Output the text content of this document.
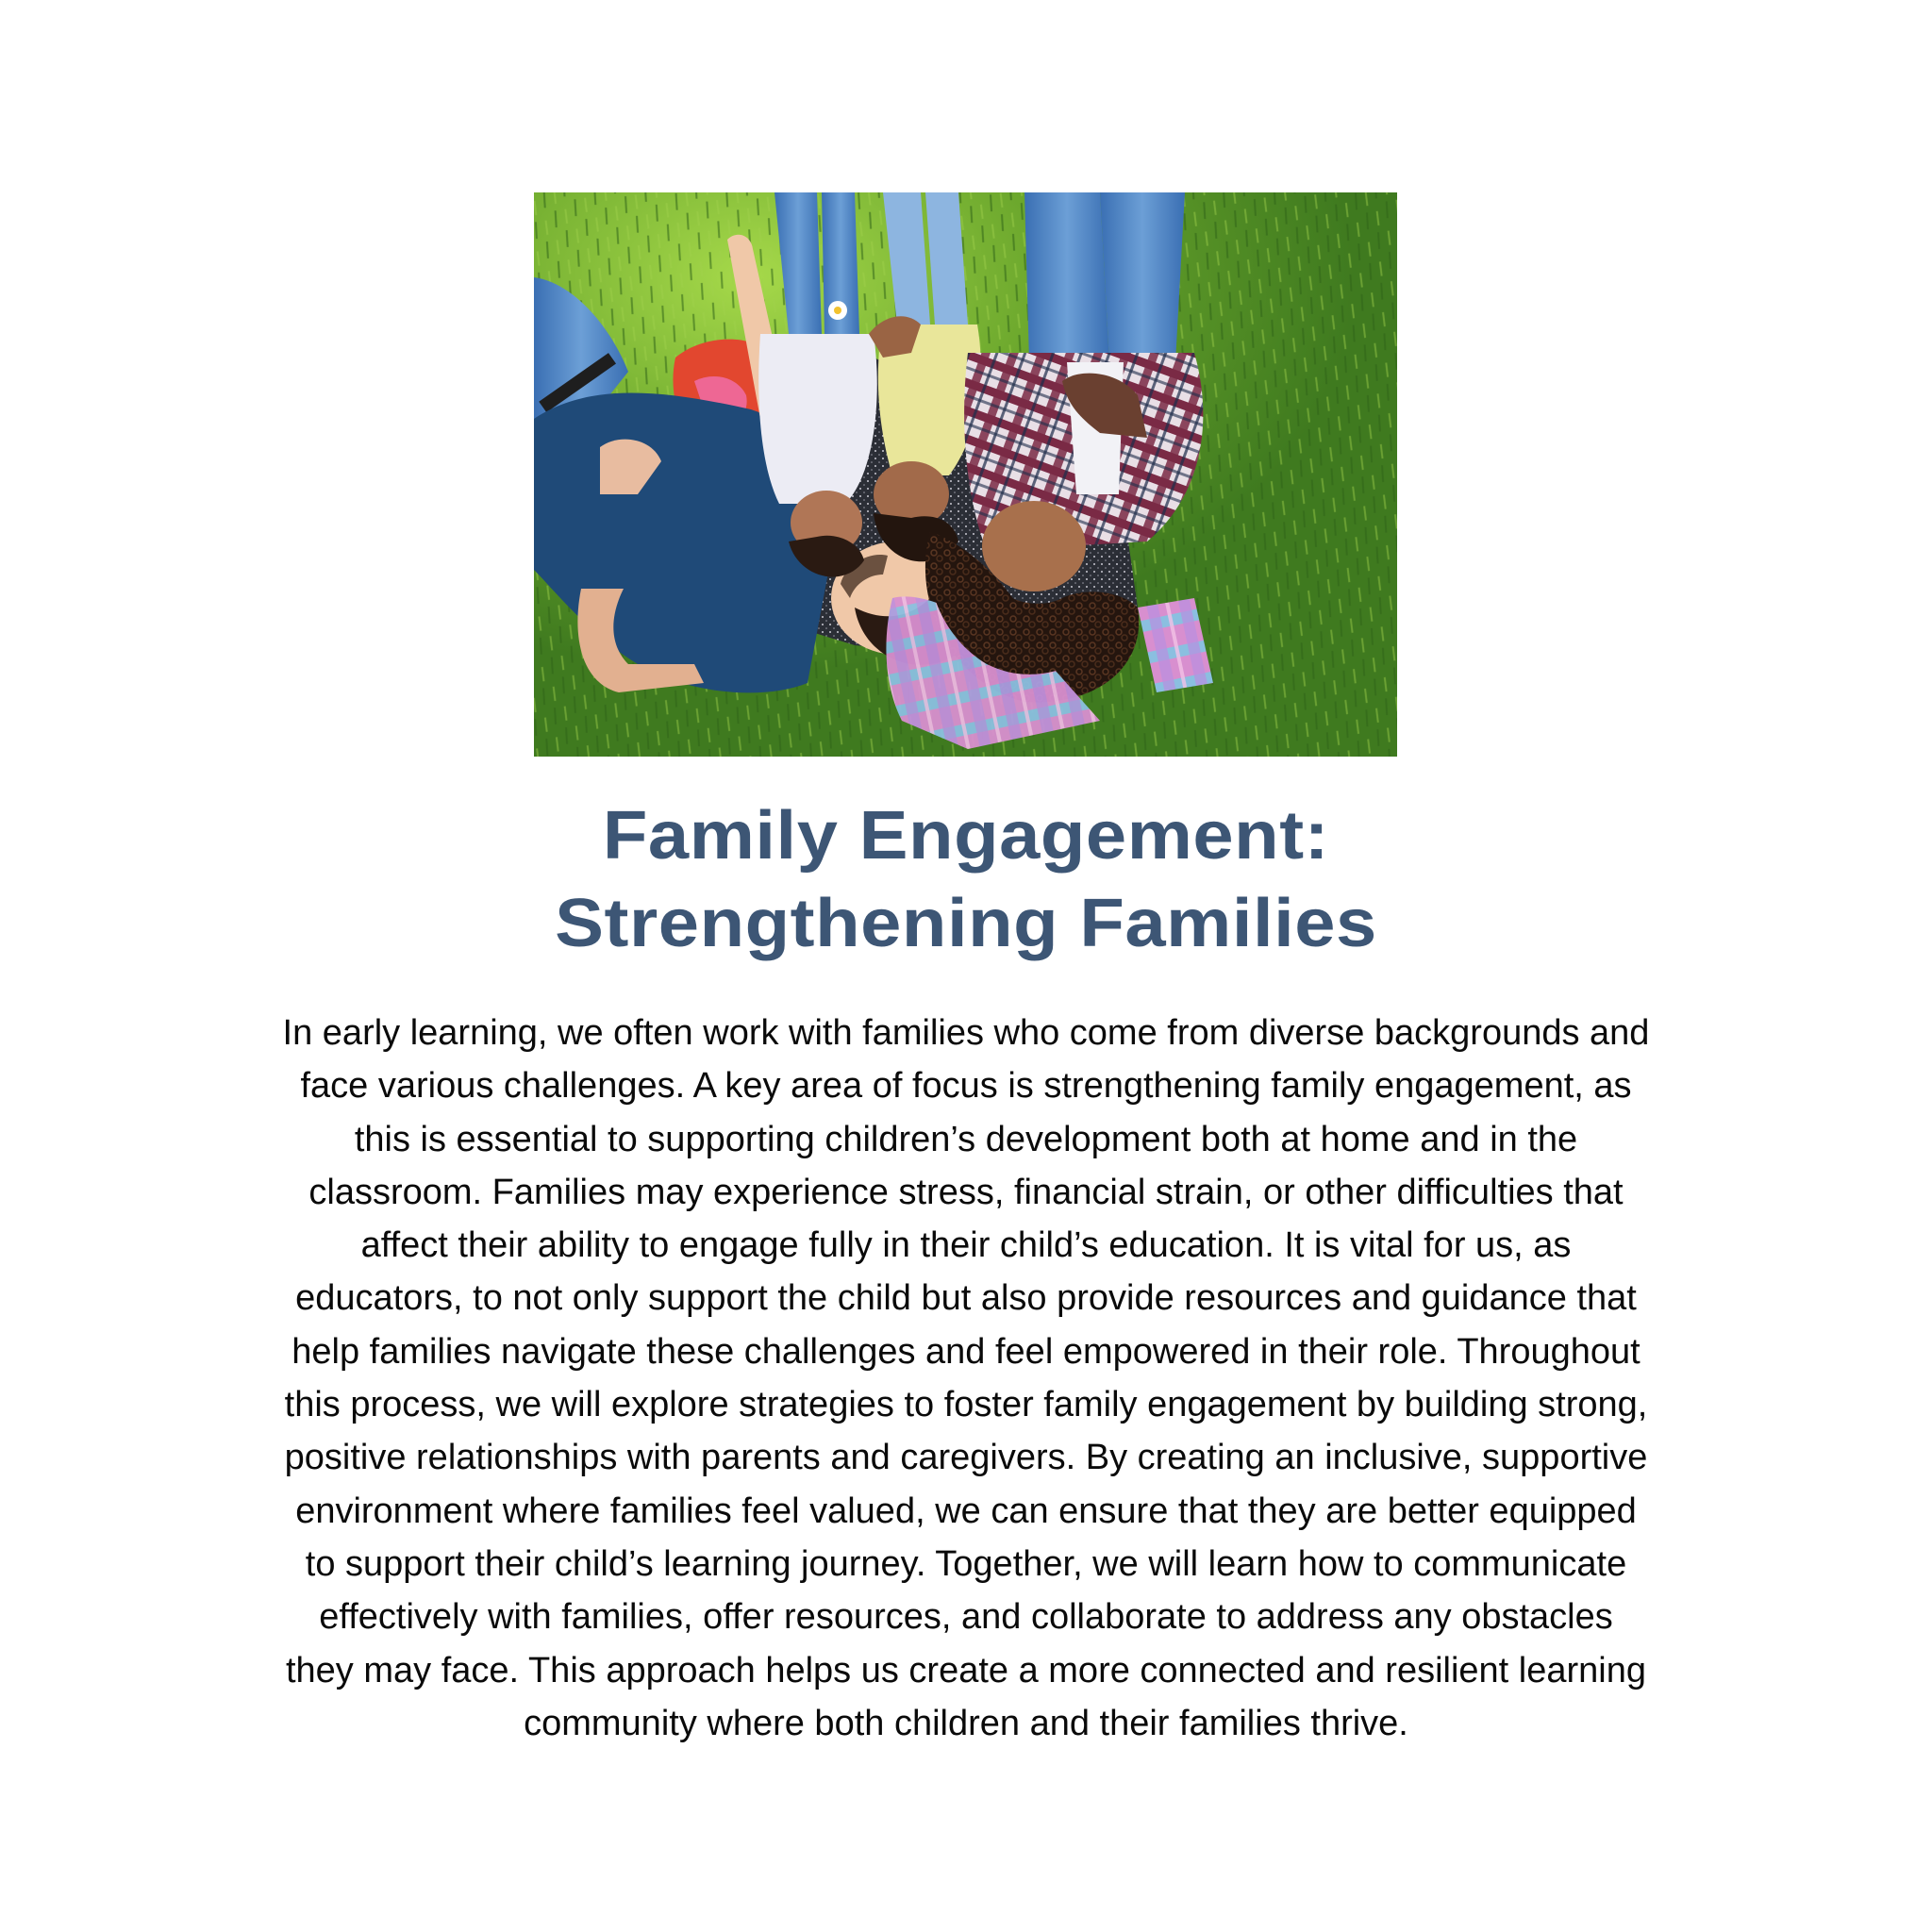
Family Engagement:
Strengthening Families

In early learning, we often work with families who come from diverse backgrounds and
face various challenges. A key area of focus is strengthening family engagement, as
this is essential to supporting children’s development both at home and in the
classroom. Families may experience stress, financial strain, or other difficulties that
affect their ability to engage fully in their child’s education. It is vital for us, as
educators, to not only support the child but also provide resources and guidance that
help families navigate these challenges and feel empowered in their role. Throughout
this process, we will explore strategies to foster family engagement by building strong,
positive relationships with parents and caregivers. By creating an inclusive, supportive
environment where families feel valued, we can ensure that they are better equipped
to support their child’s learning journey. Together, we will learn how to communicate
effectively with families, offer resources, and collaborate to address any obstacles
they may face. This approach helps us create a more connected and resilient learning
community where both children and their families thrive.
